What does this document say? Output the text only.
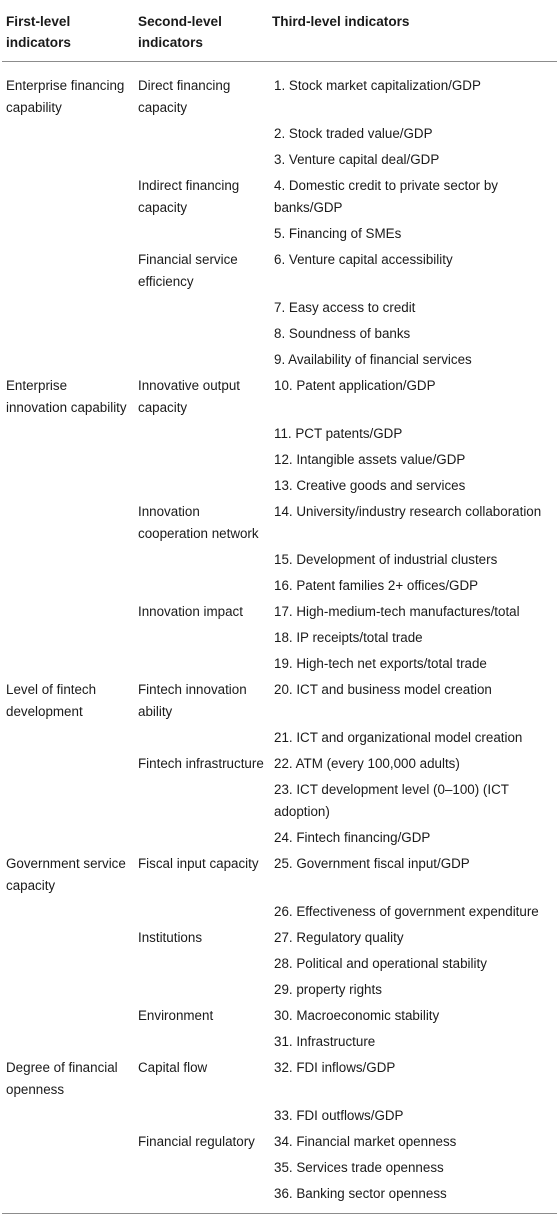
First-level indicators	Second-level indicators	Third-level indicators
Enterprise financing capability	Direct financing capacity	1. Stock market capitalization/GDP
		2. Stock traded value/GDP
		3. Venture capital deal/GDP
	Indirect financing capacity	4. Domestic credit to private sector by banks/GDP
		5. Financing of SMEs
	Financial service efficiency	6. Venture capital accessibility
		7. Easy access to credit
		8. Soundness of banks
		9. Availability of financial services
Enterprise innovation capability	Innovative output capacity	10. Patent application/GDP
		11. PCT patents/GDP
		12. Intangible assets value/GDP
		13. Creative goods and services
	Innovation cooperation network	14. University/industry research collaboration
		15. Development of industrial clusters
		16. Patent families 2+ offices/GDP
	Innovation impact	17. High-medium-tech manufactures/total
		18. IP receipts/total trade
		19. High-tech net exports/total trade
Level of fintech development	Fintech innovation ability	20. ICT and business model creation
		21. ICT and organizational model creation
	Fintech infrastructure	22. ATM (every 100,000 adults)
		23. ICT development level (0–100) (ICT adoption)
		24. Fintech financing/GDP
Government service capacity	Fiscal input capacity	25. Government fiscal input/GDP
		26. Effectiveness of government expenditure
	Institutions	27. Regulatory quality
		28. Political and operational stability
		29. property rights
	Environment	30. Macroeconomic stability
		31. Infrastructure
Degree of financial openness	Capital flow	32. FDI inflows/GDP
		33. FDI outflows/GDP
	Financial regulatory	34. Financial market openness
		35. Services trade openness
		36. Banking sector openness
